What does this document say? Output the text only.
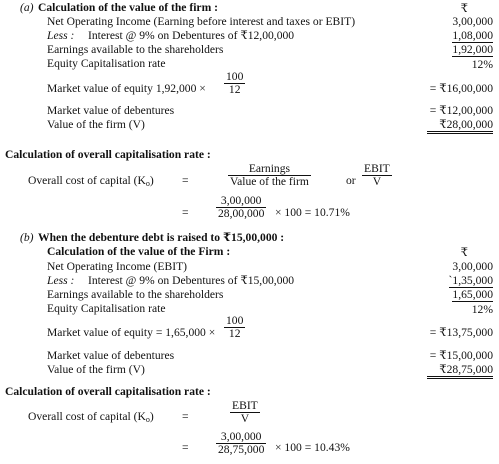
(a) Calculation of the value of the firm :	₹
Net Operating Income (Earning before interest and taxes or EBIT)	3,00,000
Less : Interest @ 9% on Debentures of ₹12,00,000	1,08,000
Earnings available to the shareholders	1,92,000
Equity Capitalisation rate	12%
Market value of equity $1,92,000 \times \frac{100}{12}$	= ₹16,00,000
Market value of debentures	= ₹12,00,000
Value of the firm (V)	₹28,00,000
Calculation of overall capitalisation rate :
Overall cost of capital $(K_o)$ =
Earnings
Value of the firm	or
EBIT
V
= $\frac{3,00,000}{28,00,000} \times 100 = 10.71\%$
(b) When the debenture debt is raised to ₹15,00,000 :
Calculation of the value of the Firm :	₹
Net Operating Income (EBIT)	3,00,000
Less : Interest @ 9% on Debentures of ₹15,00,000	`1,35,000
Earnings available to the shareholders	1,65,000
Equity Capitalisation rate	12%
Market value of equity = $1,65,000 \times \frac{100}{12}$	= ₹13,75,000
Market value of debentures	= ₹15,00,000
Value of the firm (V)	₹28,75,000
Calculation of overall capitalisation rate :
Overall cost of capital $(K_o)$ =
EBIT
V
= $\frac{3,00,000}{28,75,000} \times 100 = 10.43\%$
